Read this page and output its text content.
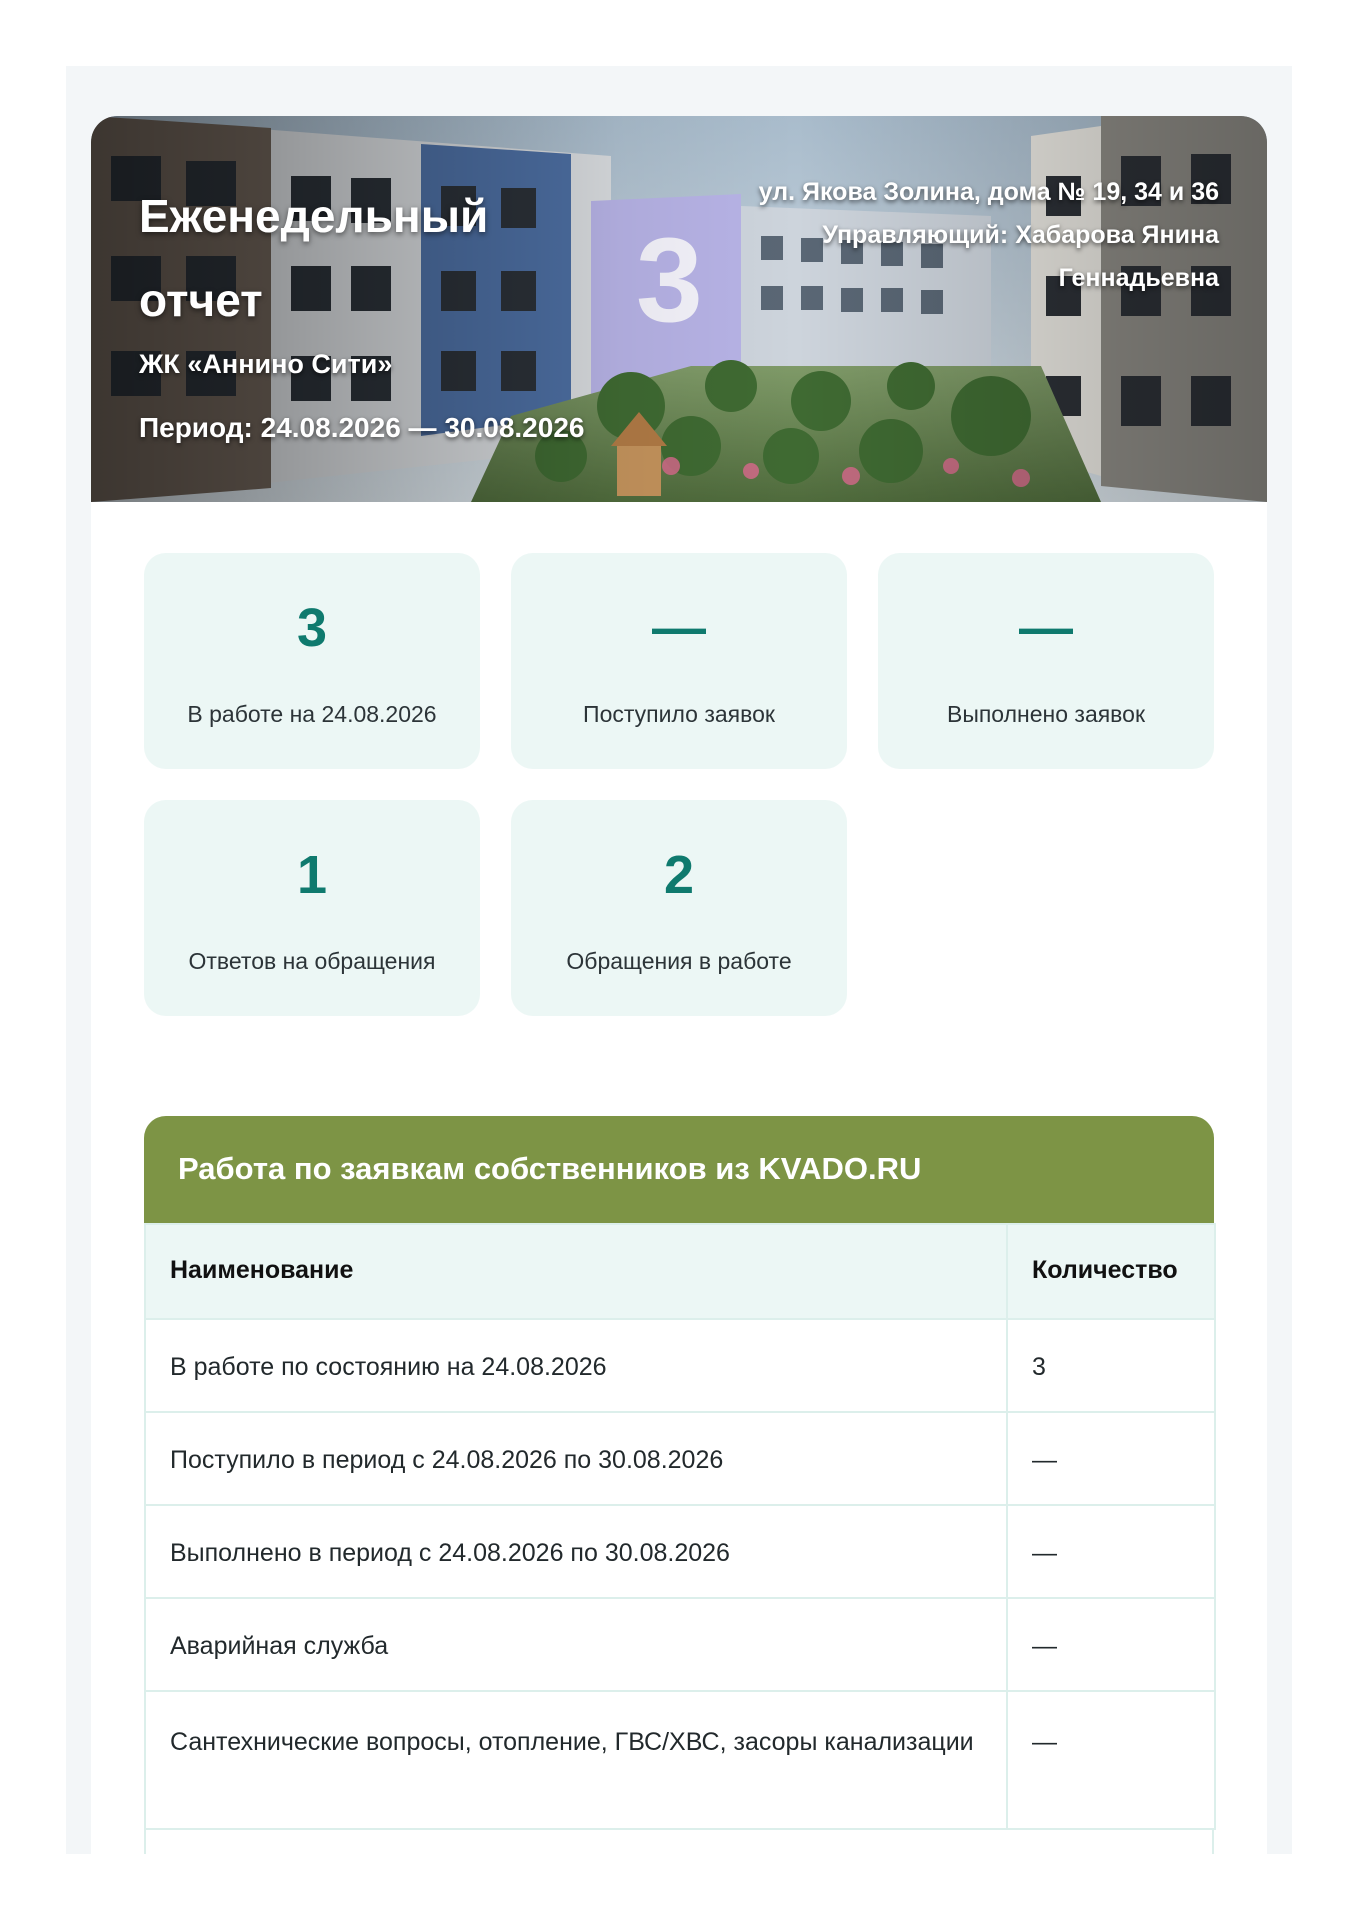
Еженедельный отчет
ЖК «Аннино Сити»
Период: 24.08.2026 — 30.08.2026
ул. Якова Золина, дома № 19, 34 и 36
Управляющий: Хабарова Янина Геннадьевна
3
В работе на 24.08.2026
—
Поступило заявок
—
Выполнено заявок
1
Ответов на обращения
2
Обращения в работе
Работа по заявкам собственников из KVADO.RU
Наименование	Количество
В работе по состоянию на 24.08.2026	3
Поступило в период с 24.08.2026 по 30.08.2026	—
Выполнено в период с 24.08.2026 по 30.08.2026	—
Аварийная служба	—
Сантехнические вопросы, отопление, ГВС/ХВС, засоры канализации	—
